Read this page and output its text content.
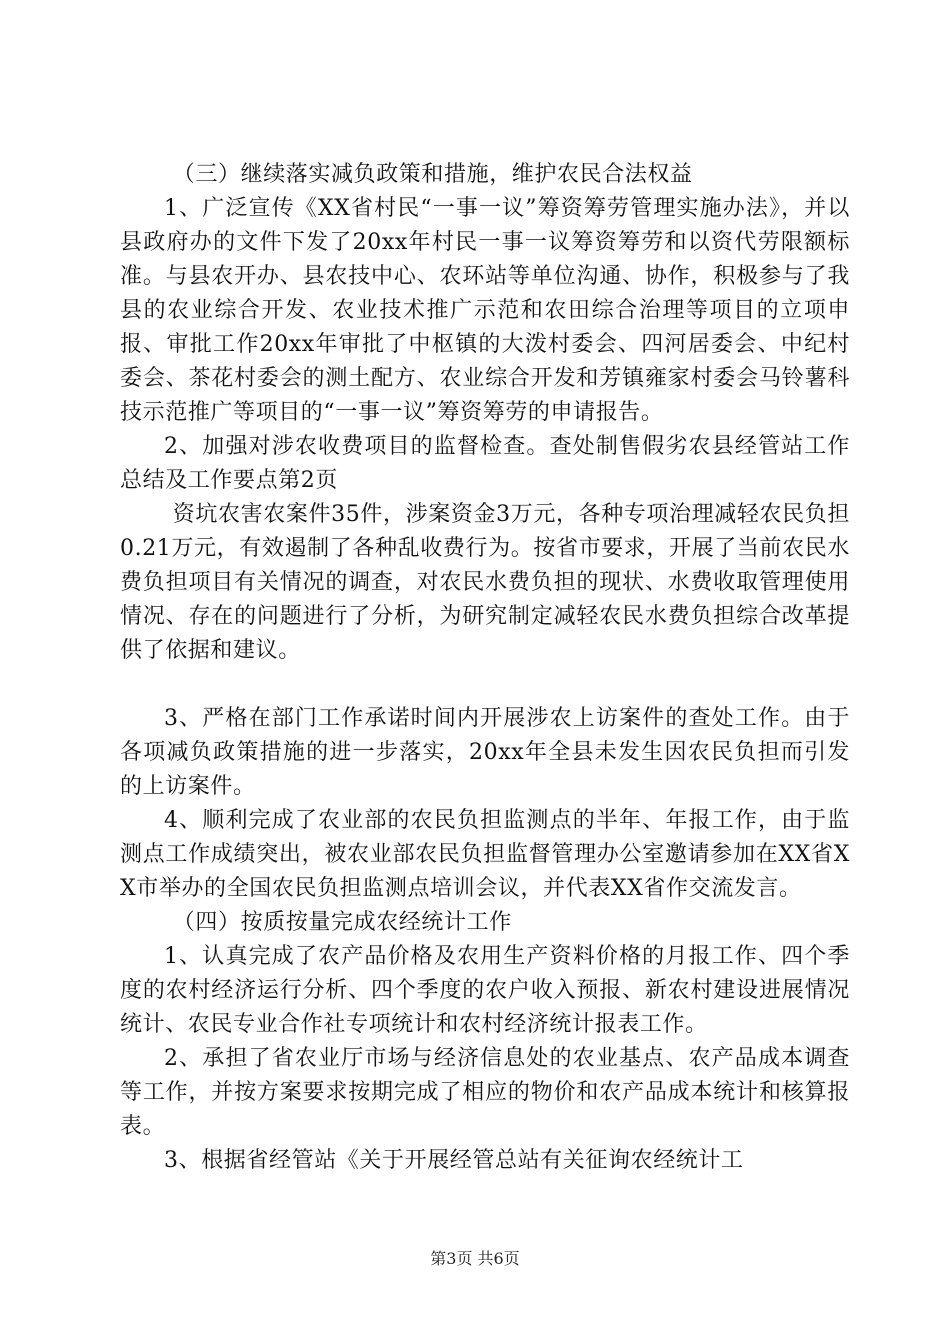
（三）继续落实减负政策和措施，维护农民合法权益

1、广泛宣传《XX省村民“一事一议”筹资筹劳管理实施办法》，并以县政府办的文件下发了20xx年村民一事一议筹资筹劳和以资代劳限额标准。与县农开办、县农技中心、农环站等单位沟通、协作，积极参与了我县的农业综合开发、农业技术推广示范和农田综合治理等项目的立项申报、审批工作20xx年审批了中枢镇的大泼村委会、四河居委会、中纪村委会、茶花村委会的测土配方、农业综合开发和芳镇雍家村委会马铃薯科技示范推广等项目的“一事一议”筹资筹劳的申请报告。

2、加强对涉农收费项目的监督检查。查处制售假劣农县经管站工作总结及工作要点第2页

资坑农害农案件35件，涉案资金3万元，各种专项治理减轻农民负担0.21万元，有效遏制了各种乱收费行为。按省市要求，开展了当前农民水费负担项目有关情况的调查，对农民水费负担的现状、水费收取管理使用情况、存在的问题进行了分析，为研究制定减轻农民水费负担综合改革提供了依据和建议。

3、严格在部门工作承诺时间内开展涉农上访案件的查处工作。由于各项减负政策措施的进一步落实，20xx年全县未发生因农民负担而引发的上访案件。

4、顺利完成了农业部的农民负担监测点的半年、年报工作，由于监测点工作成绩突出，被农业部农民负担监督管理办公室邀请参加在XX省XX市举办的全国农民负担监测点培训会议，并代表XX省作交流发言。

（四）按质按量完成农经统计工作

1、认真完成了农产品价格及农用生产资料价格的月报工作、四个季度的农村经济运行分析、四个季度的农户收入预报、新农村建设进展情况统计、农民专业合作社专项统计和农村经济统计报表工作。

2、承担了省农业厅市场与经济信息处的农业基点、农产品成本调查等工作，并按方案要求按期完成了相应的物价和农产品成本统计和核算报表。

3、根据省经管站《关于开展经管总站有关征询农经统计工

第3页 共6页
